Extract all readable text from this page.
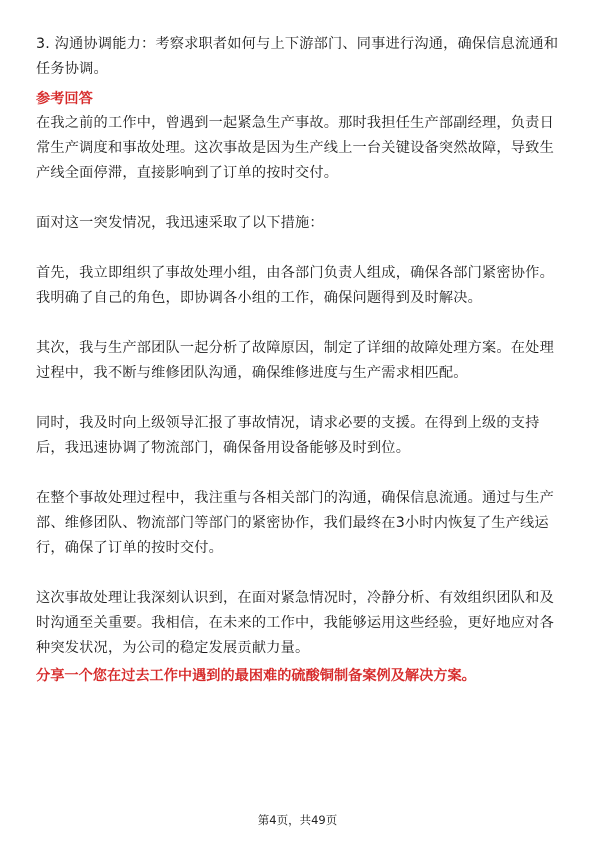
3. 沟通协调能力：考察求职者如何与上下游部门、同事进行沟通，确保信息流通和任务协调。

参考回答

在我之前的工作中，曾遇到一起紧急生产事故。那时我担任生产部副经理，负责日常生产调度和事故处理。这次事故是因为生产线上一台关键设备突然故障，导致生产线全面停滞，直接影响到了订单的按时交付。

面对这一突发情况，我迅速采取了以下措施：

首先，我立即组织了事故处理小组，由各部门负责人组成，确保各部门紧密协作。我明确了自己的角色，即协调各小组的工作，确保问题得到及时解决。

其次，我与生产部团队一起分析了故障原因，制定了详细的故障处理方案。在处理过程中，我不断与维修团队沟通，确保维修进度与生产需求相匹配。

同时，我及时向上级领导汇报了事故情况，请求必要的支援。在得到上级的支持后，我迅速协调了物流部门，确保备用设备能够及时到位。

在整个事故处理过程中，我注重与各相关部门的沟通，确保信息流通。通过与生产部、维修团队、物流部门等部门的紧密协作，我们最终在3小时内恢复了生产线运行，确保了订单的按时交付。

这次事故处理让我深刻认识到，在面对紧急情况时，冷静分析、有效组织团队和及时沟通至关重要。我相信，在未来的工作中，我能够运用这些经验，更好地应对各种突发状况，为公司的稳定发展贡献力量。

分享一个您在过去工作中遇到的最困难的硫酸铜制备案例及解决方案。

第4页，共49页
